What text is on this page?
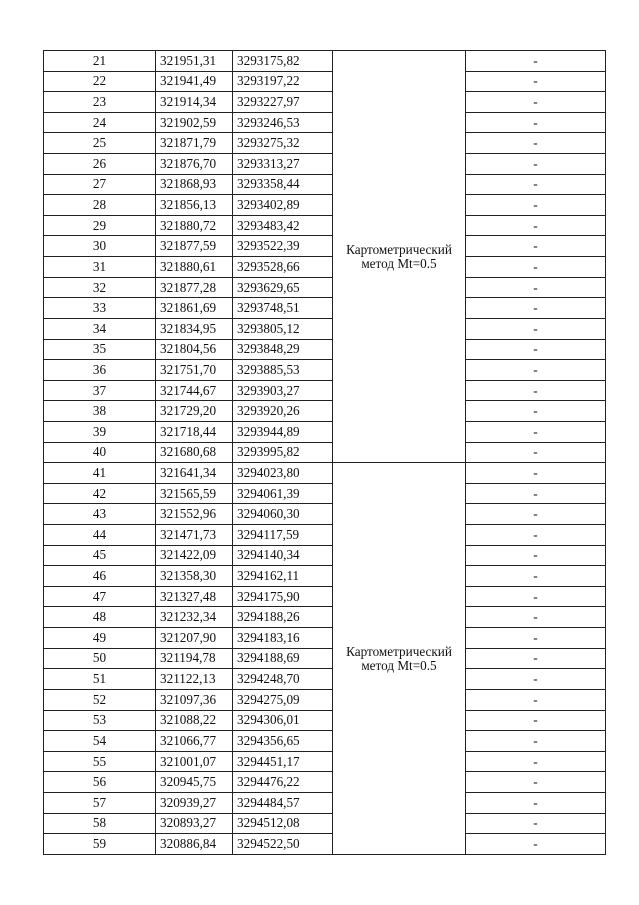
21	321951,31	3293175,82	Картометрический метод Mt=0.5	-
22	321941,49	3293197,22		-
23	321914,34	3293227,97		-
24	321902,59	3293246,53		-
25	321871,79	3293275,32		-
26	321876,70	3293313,27		-
27	321868,93	3293358,44		-
28	321856,13	3293402,89		-
29	321880,72	3293483,42		-
30	321877,59	3293522,39		-
31	321880,61	3293528,66		-
32	321877,28	3293629,65		-
33	321861,69	3293748,51		-
34	321834,95	3293805,12		-
35	321804,56	3293848,29		-
36	321751,70	3293885,53		-
37	321744,67	3293903,27		-
38	321729,20	3293920,26		-
39	321718,44	3293944,89		-
40	321680,68	3293995,82		-
41	321641,34	3294023,80	Картометрический метод Mt=0.5	-
42	321565,59	3294061,39		-
43	321552,96	3294060,30		-
44	321471,73	3294117,59		-
45	321422,09	3294140,34		-
46	321358,30	3294162,11		-
47	321327,48	3294175,90		-
48	321232,34	3294188,26		-
49	321207,90	3294183,16		-
50	321194,78	3294188,69		-
51	321122,13	3294248,70		-
52	321097,36	3294275,09		-
53	321088,22	3294306,01		-
54	321066,77	3294356,65		-
55	321001,07	3294451,17		-
56	320945,75	3294476,22		-
57	320939,27	3294484,57		-
58	320893,27	3294512,08		-
59	320886,84	3294522,50		-
